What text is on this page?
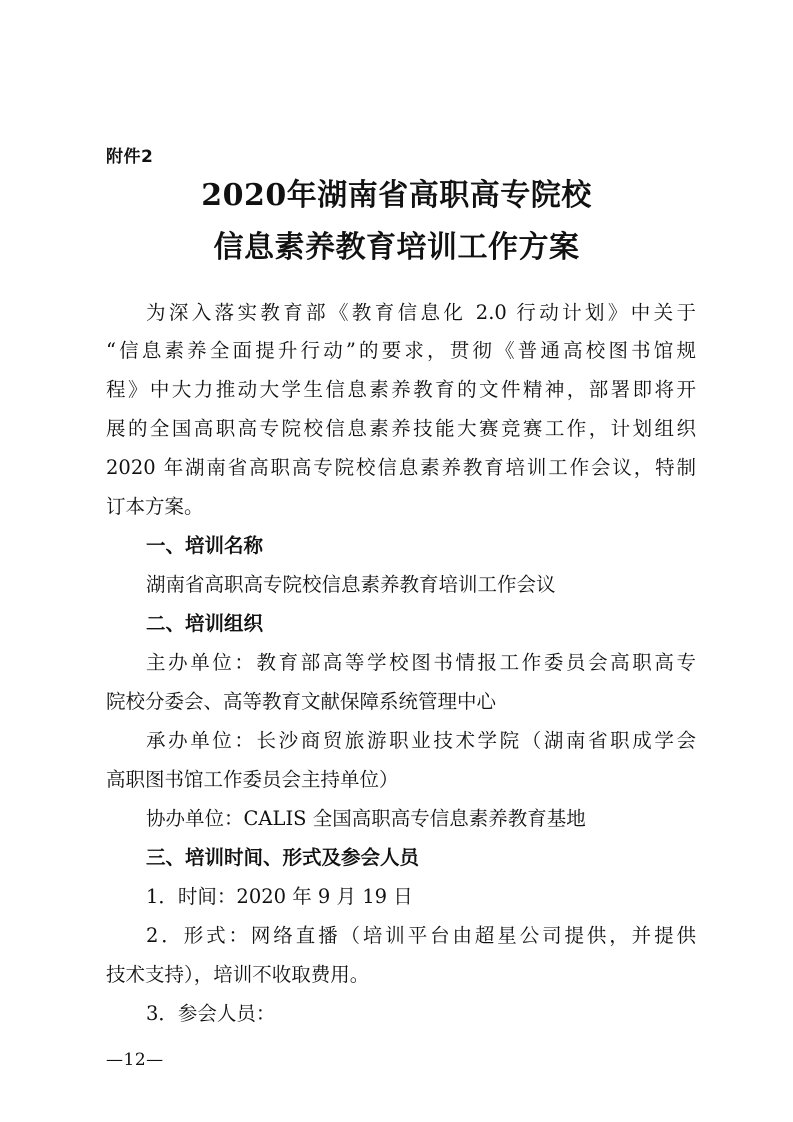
附件2
2020年湖南省高职高专院校
信息素养教育培训工作方案
为深入落实教育部《教育信息化 2.0 行动计划》中关于
“信息素养全面提升行动”的要求，贯彻《普通高校图书馆规
程》中大力推动大学生信息素养教育的文件精神，部署即将开
展的全国高职高专院校信息素养技能大赛竞赛工作，计划组织
2020 年湖南省高职高专院校信息素养教育培训工作会议，特制
订本方案。
一、培训名称
湖南省高职高专院校信息素养教育培训工作会议
二、培训组织
主办单位：教育部高等学校图书情报工作委员会高职高专
院校分委会、高等教育文献保障系统管理中心
承办单位：长沙商贸旅游职业技术学院（湖南省职成学会
高职图书馆工作委员会主持单位）
协办单位：CALIS 全国高职高专信息素养教育基地
三、培训时间、形式及参会人员
1．时间：2020 年 9 月 19 日
2．形式：网络直播（培训平台由超星公司提供，并提供
技术支持），培训不收取费用。
3．参会人员：
—12—
